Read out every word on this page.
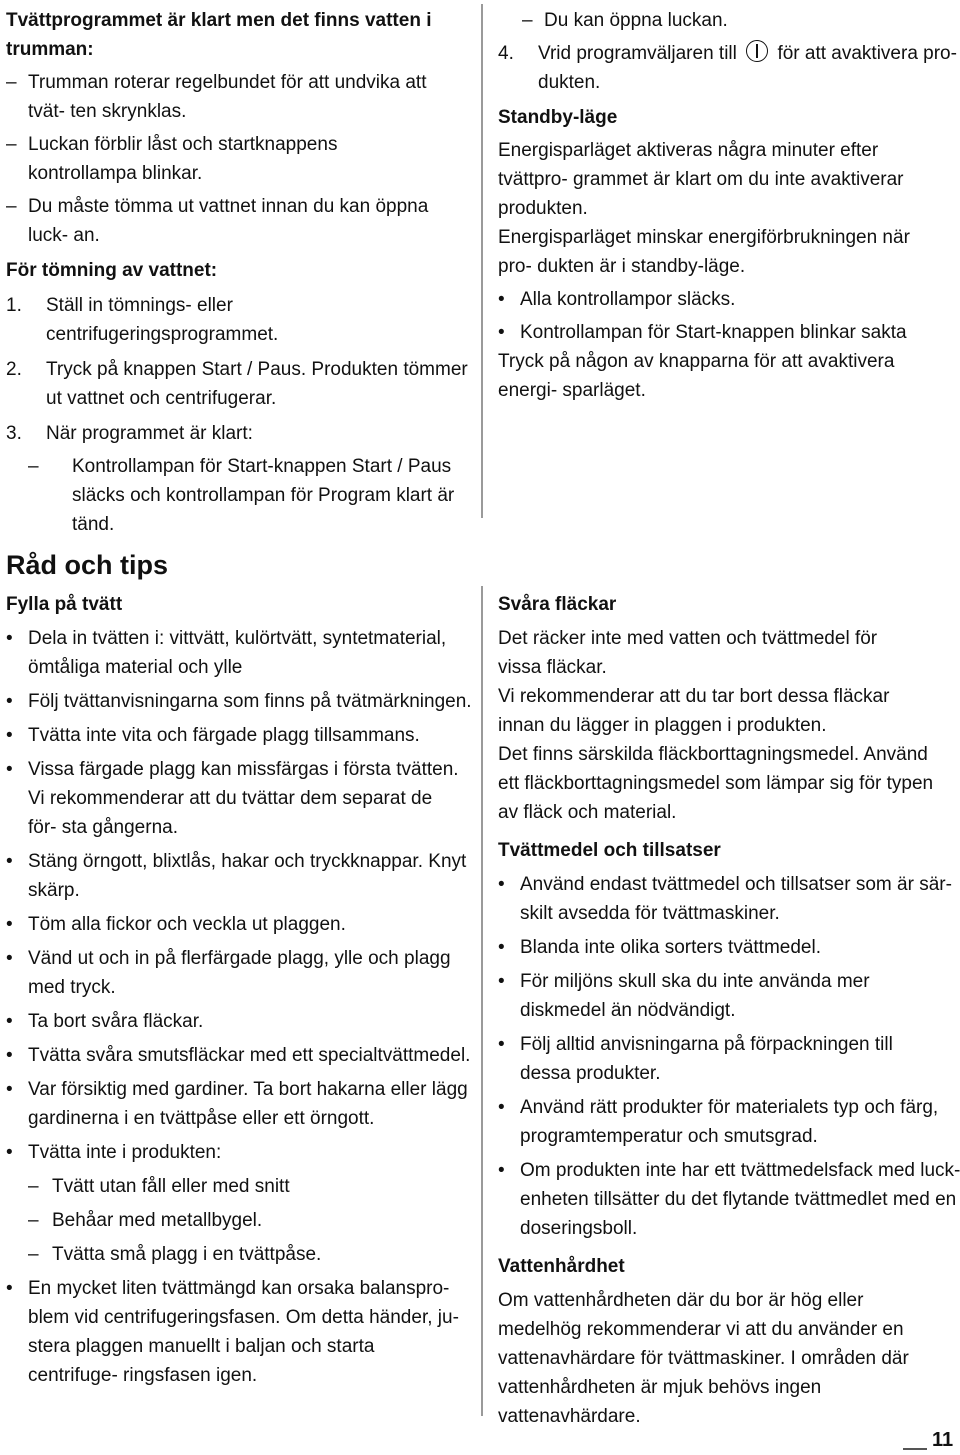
Tvättprogrammet är klart men det finns vatten i trumman:
– Trumman roterar regelbundet för att undvika att tvät- ten skrynklas.
– Luckan förblir låst och startknappens kontrollampa blinkar.
– Du måste tömma ut vattnet innan du kan öppna luck- an.
För tömning av vattnet:
1. Ställ in tömnings- eller centrifugeringsprogrammet.
2. Tryck på knappen Start / Paus. Produkten tömmer ut vattnet och centrifugerar.
3. När programmet är klart:
– Kontrollampan för Start-knappen Start / Paus släcks och kontrollampan för Program klart är tänd.
Råd och tips
– Du kan öppna luckan.
4. Vrid programväljaren till för att avaktivera pro- dukten.
Standby-läge
Energisparläget aktiveras några minuter efter tvättpro- grammet är klart om du inte avaktiverar produkten.
Energisparläget minskar energiförbrukningen när pro- dukten är i standby-läge.
• Alla kontrollampor släcks.
• Kontrollampan för Start-knappen blinkar sakta
Tryck på någon av knapparna för att avaktivera energi- sparläget.
Fylla på tvätt
• Dela in tvätten i: vittvätt, kulörtvätt, syntetmaterial, ömtåliga material och ylle
• Följ tvättanvisningarna som finns på tvätmärkningen.
• Tvätta inte vita och färgade plagg tillsammans.
• Vissa färgade plagg kan missfärgas i första tvätten. Vi rekommenderar att du tvättar dem separat de för- sta gångerna.
• Stäng örngott, blixtlås, hakar och tryckknappar. Knyt skärp.
• Töm alla fickor och veckla ut plaggen.
• Vänd ut och in på flerfärgade plagg, ylle och plagg med tryck.
• Ta bort svåra fläckar.
• Tvätta svåra smutsfläckar med ett specialtvättmedel.
• Var försiktig med gardiner. Ta bort hakarna eller lägg gardinerna i en tvättpåse eller ett örngott.
• Tvätta inte i produkten:
– Tvätt utan fåll eller med snitt
– Behåar med metallbygel.
– Tvätta små plagg i en tvättpåse.
• En mycket liten tvättmängd kan orsaka balanspro- blem vid centrifugeringsfasen. Om detta händer, ju- stera plaggen manuellt i baljan och starta centrifuge- ringsfasen igen.
Svåra fläckar
Det räcker inte med vatten och tvättmedel för vissa fläckar.
Vi rekommenderar att du tar bort dessa fläckar innan du lägger in plaggen i produkten.
Det finns särskilda fläckborttagningsmedel. Använd ett fläckborttagningsmedel som lämpar sig för typen av fläck och material.
Tvättmedel och tillsatser
• Använd endast tvättmedel och tillsatser som är sär- skilt avsedda för tvättmaskiner.
• Blanda inte olika sorters tvättmedel.
• För miljöns skull ska du inte använda mer diskmedel än nödvändigt.
• Följ alltid anvisningarna på förpackningen till dessa produkter.
• Använd rätt produkter för materialets typ och färg, programtemperatur och smutsgrad.
• Om produkten inte har ett tvättmedelsfack med luck- enheten tillsätter du det flytande tvättmedlet med en doseringsboll.
Vattenhårdhet
Om vattenhårdheten där du bor är hög eller medelhög rekommenderar vi att du använder en vattenavhärdare för tvättmaskiner. I områden där vattenhårdheten är mjuk behövs ingen vattenavhärdare.
11
